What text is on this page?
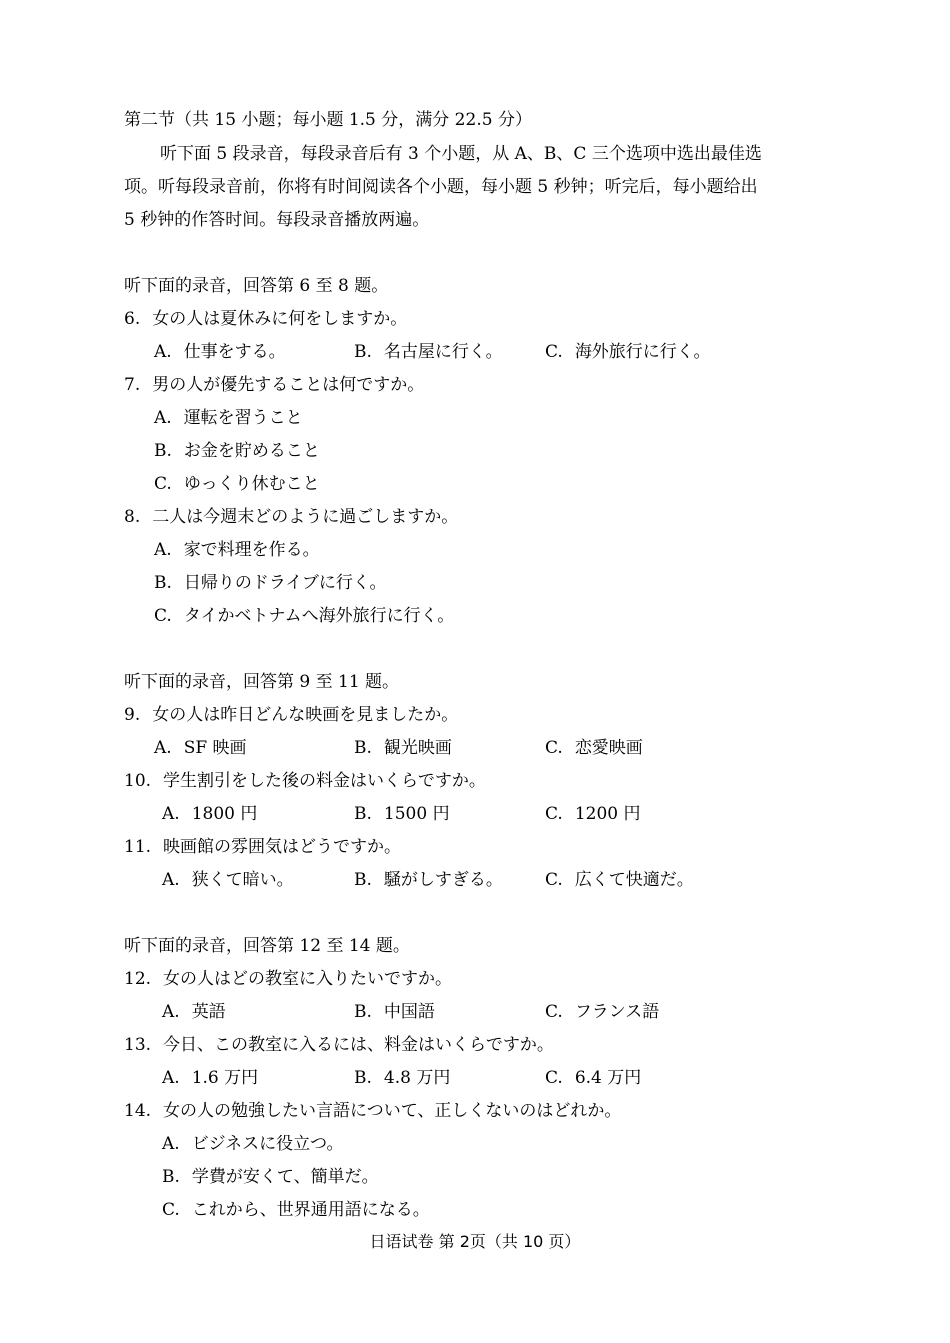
第二节（共 15 小题；每小题 1.5 分，满分 22.5 分）
听下面 5 段录音，每段录音后有 3 个小题，从 A、B、C 三个选项中选出最佳选
项。听每段录音前，你将有时间阅读各个小题，每小题 5 秒钟；听完后，每小题给出
5 秒钟的作答时间。每段录音播放两遍。
听下面的录音，回答第 6 至 8 题。
6. 女の人は夏休みに何をしますか。
A. 仕事をする。	B. 名古屋に行く。 C. 海外旅行に行く。
7. 男の人が優先することは何ですか。
A. 運転を習うこと
B. お金を貯めること
C. ゆっくり休むこと
8. 二人は今週末どのように過ごしますか。
A. 家で料理を作る。
B. 日帰りのドライブに行く。
C. タイかベトナムへ海外旅行に行く。
听下面的录音，回答第 9 至 11 题。
9. 女の人は昨日どんな映画を見ましたか。
A. SF 映画	B. 観光映画	C. 恋愛映画
10. 学生割引をした後の料金はいくらですか。
A. 1800 円	B. 1500 円	C. 1200 円
11. 映画館の雰囲気はどうですか。
A. 狭くて暗い。	B. 騒がしすぎる。 C. 広くて快適だ。
听下面的录音，回答第 12 至 14 题。
12. 女の人はどの教室に入りたいですか。
A. 英語	B. 中国語	C. フランス語
13. 今日、この教室に入るには、料金はいくらですか。
A. 1.6 万円	B. 4.8 万円	C. 6.4 万円
14. 女の人の勉強したい言語について、正しくないのはどれか。
A. ビジネスに役立つ。
B. 学費が安くて、簡単だ。
C. これから、世界通用語になる。
日语试卷 第 2页（共 10 页）
